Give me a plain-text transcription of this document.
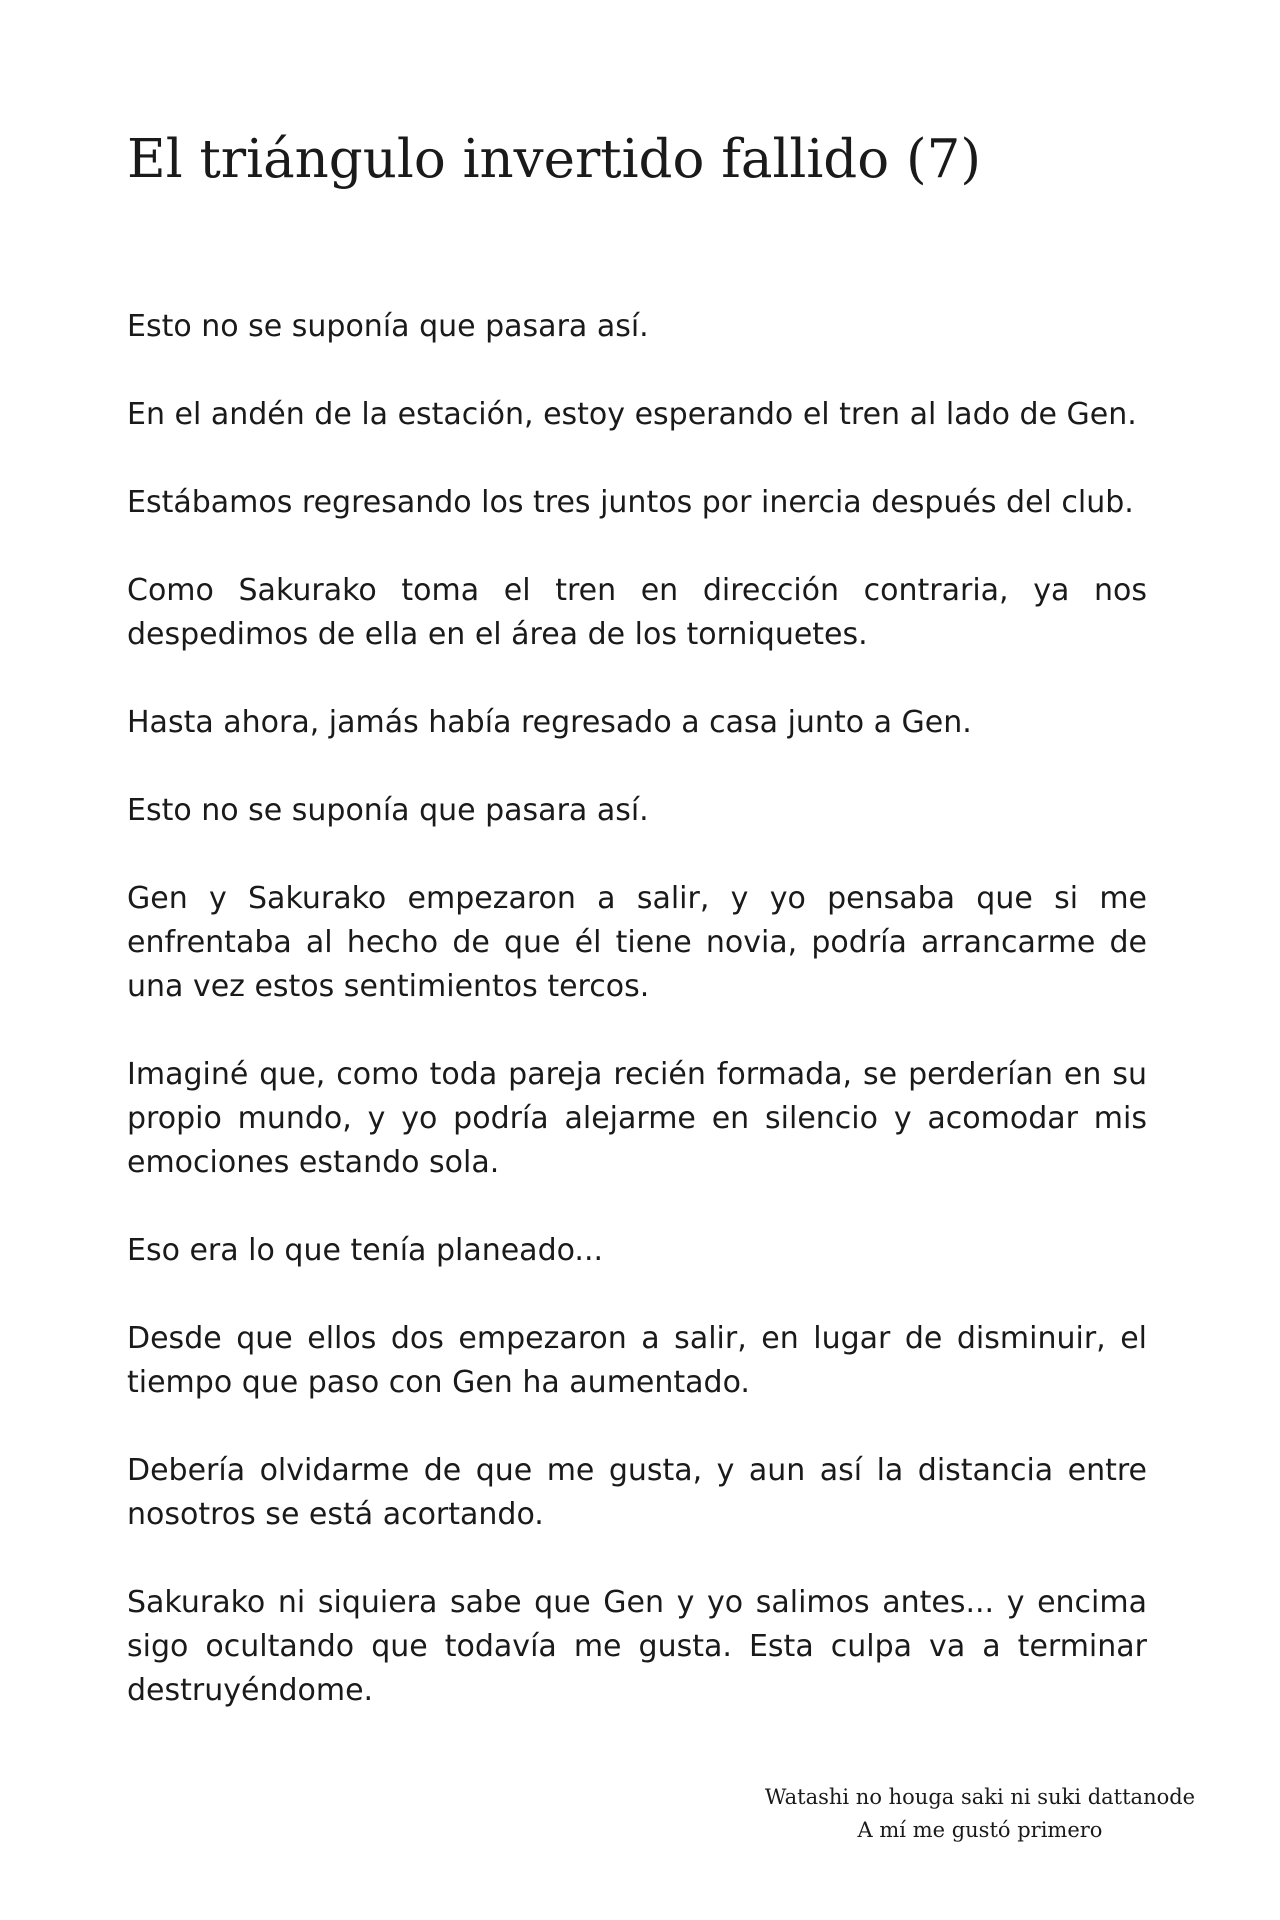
El triángulo invertido fallido (7)

Esto no se suponía que pasara así.

En el andén de la estación, estoy esperando el tren al lado de Gen.

Estábamos regresando los tres juntos por inercia después del club.

Como Sakurako toma el tren en dirección contraria, ya nos despedimos de ella en el área de los torniquetes.

Hasta ahora, jamás había regresado a casa junto a Gen.

Esto no se suponía que pasara así.

Gen y Sakurako empezaron a salir, y yo pensaba que si me enfrentaba al hecho de que él tiene novia, podría arrancarme de una vez estos sentimientos tercos.

Imaginé que, como toda pareja recién formada, se perderían en su propio mundo, y yo podría alejarme en silencio y acomodar mis emociones estando sola.

Eso era lo que tenía planeado...

Desde que ellos dos empezaron a salir, en lugar de disminuir, el tiempo que paso con Gen ha aumentado.

Debería olvidarme de que me gusta, y aun así la distancia entre nosotros se está acortando.

Sakurako ni siquiera sabe que Gen y yo salimos antes... y encima sigo ocultando que todavía me gusta. Esta culpa va a terminar destruyéndome.

Watashi no houga saki ni suki dattanode
A mí me gustó primero
